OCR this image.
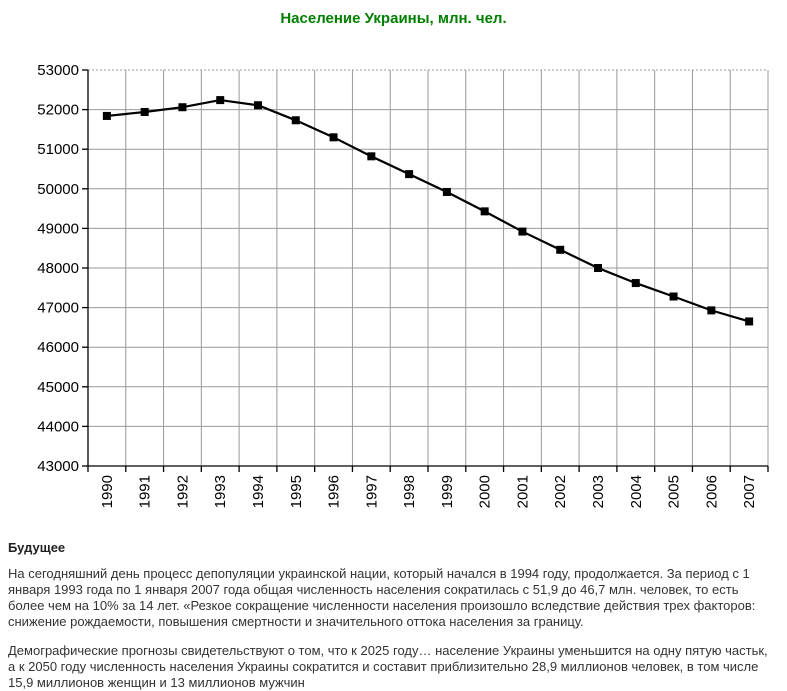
Население Украины, млн. чел.
43000
44000
45000
46000
47000
48000
49000
50000
51000
52000
53000
1990 1991 1992 1993 1994 1995 1996 1997 1998 1999 2000 2001 2002 2003 2004 2005 2006 2007
Будущее

На сегодняшний день процесс депопуляции украинской нации, который начался в 1994 году, продолжается. За период с 1 января 1993 года по 1 января 2007 года общая численность населения сократилась с 51,9 до 46,7 млн. человек, то есть более чем на 10% за 14 лет. «Резкое сокращение численности населения произошло вследствие действия трех факторов: снижение рождаемости, повышения смертности и значительного оттока населения за границу.

Демографические прогнозы свидетельствуют о том, что к 2025 году… население Украины уменьшится на одну пятую частьк, а к 2050 году численность населения Украины сократится и составит приблизительно 28,9 миллионов человек, в том числе 15,9 миллионов женщин и 13 миллионов мужчин
